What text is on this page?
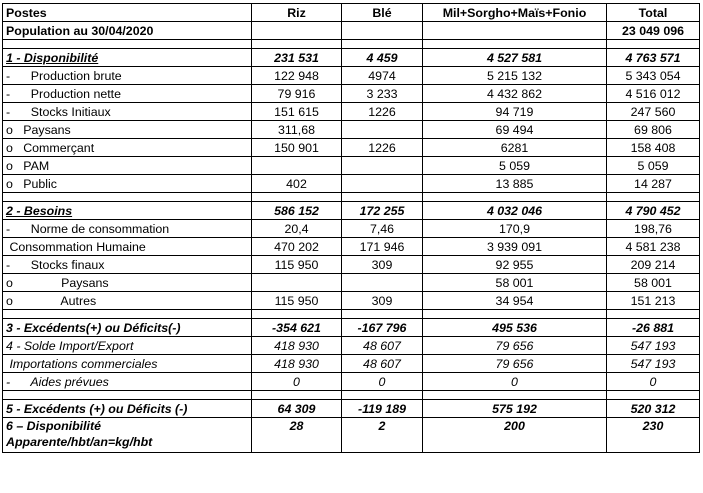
Postes	Riz	Blé	Mil+Sorgho+Maïs+Fonio	Total
Population au 30/04/2020				23 049 096

1 - Disponibilité	231 531	4 459	4 527 581	4 763 571
-      Production brute	122 948	4974	5 215 132	5 343 054
-      Production nette	79 916	3 233	4 432 862	4 516 012
-      Stocks Initiaux	151 615	1226	94 719	247 560
o   Paysans	311,68		69 494	69 806
o   Commerçant	150 901	1226	6281	158 408
o   PAM			5 059	5 059
o   Public	402		13 885	14 287

2 - Besoins	586 152	172 255	4 032 046	4 790 452
-      Norme de consommation	20,4	7,46	170,9	198,76
Consommation Humaine	470 202	171 946	3 939 091	4 581 238
-      Stocks finaux	115 950	309	92 955	209 214
o              Paysans			58 001	58 001
o              Autres	115 950	309	34 954	151 213

3 - Excédents(+) ou Déficits(-)	-354 621	-167 796	495 536	-26 881
4 - Solde Import/Export	418 930	48 607	79 656	547 193
Importations commerciales	418 930	48 607	79 656	547 193
-      Aides prévues	0	0	0	0

5 - Excédents (+) ou Déficits (-)	64 309	-119 189	575 192	520 312
6 – Disponibilité Apparente/hbt/an=kg/hbt	28	2	200	230
